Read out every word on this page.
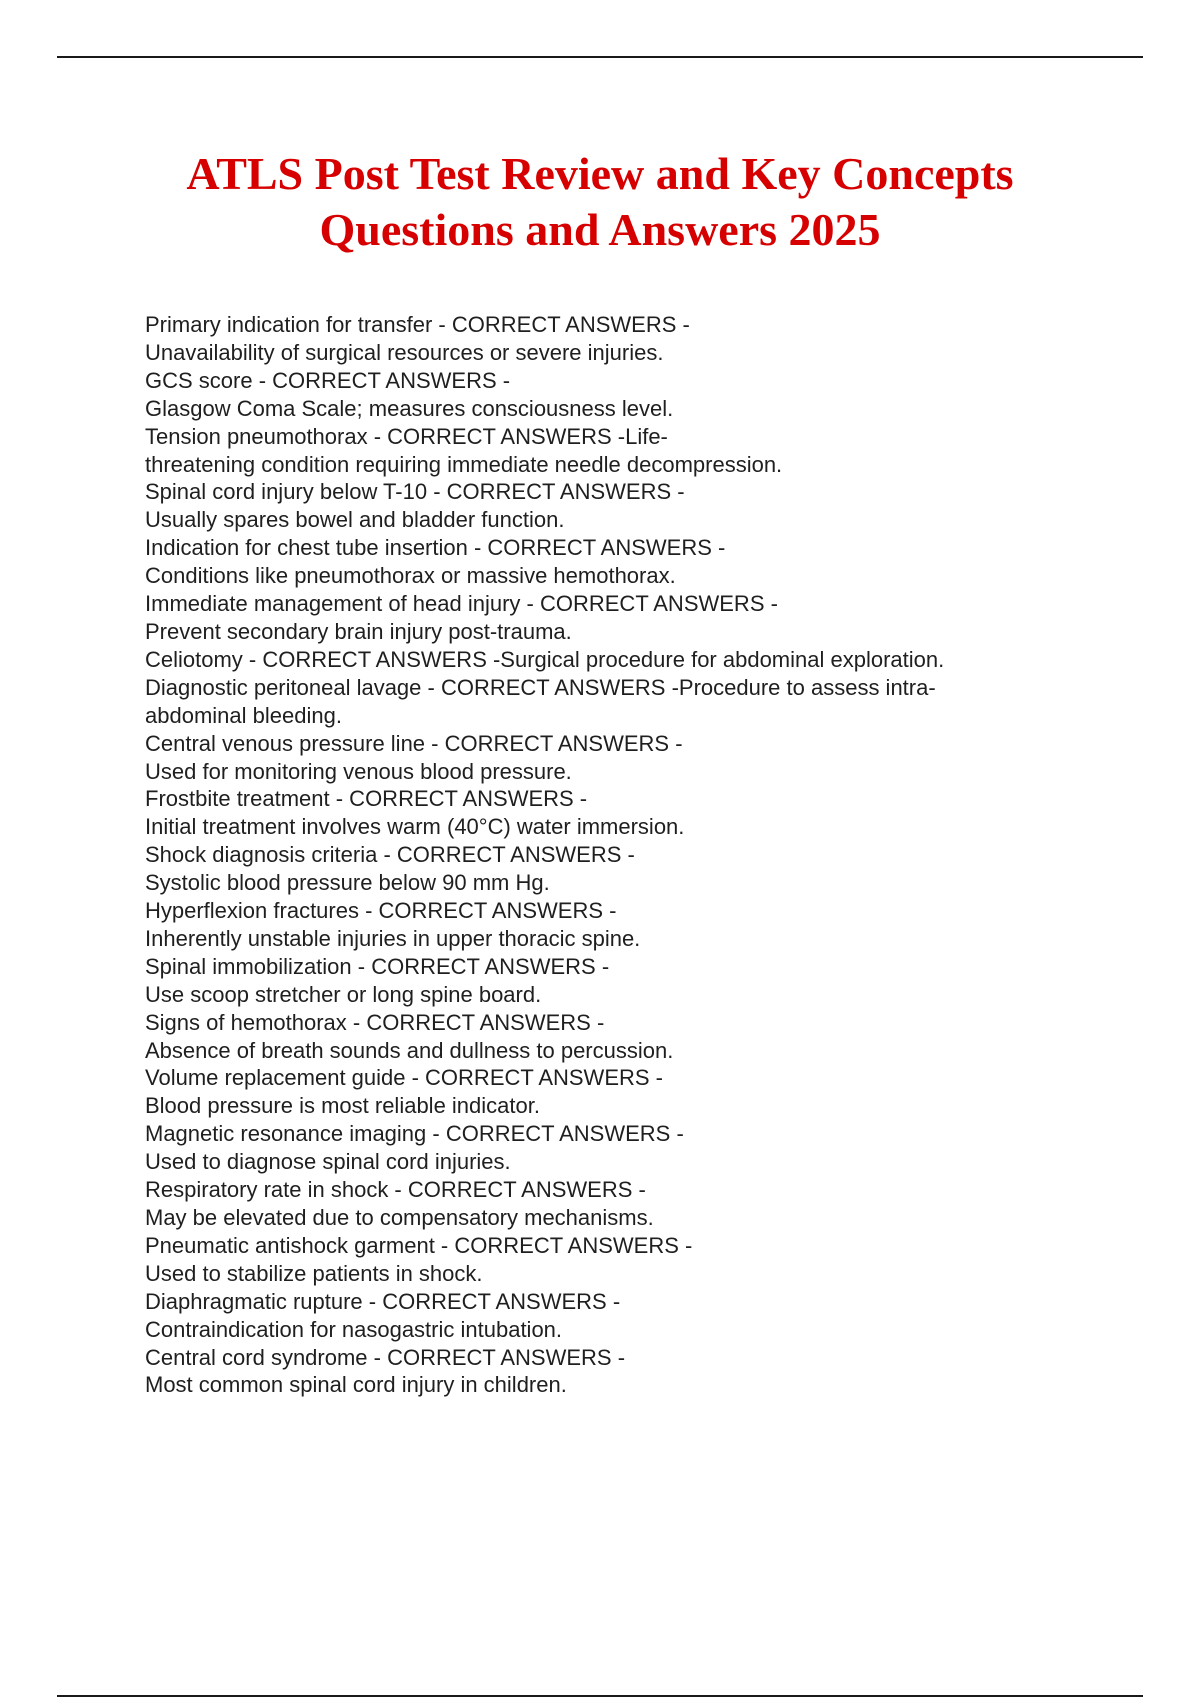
ATLS Post Test Review and Key Concepts
Questions and Answers 2025
Primary indication for transfer - CORRECT ANSWERS -
Unavailability of surgical resources or severe injuries.
GCS score - CORRECT ANSWERS -
Glasgow Coma Scale; measures consciousness level.
Tension pneumothorax - CORRECT ANSWERS -Life-
threatening condition requiring immediate needle decompression.
Spinal cord injury below T-10 - CORRECT ANSWERS -
Usually spares bowel and bladder function.
Indication for chest tube insertion - CORRECT ANSWERS -
Conditions like pneumothorax or massive hemothorax.
Immediate management of head injury - CORRECT ANSWERS -
Prevent secondary brain injury post-trauma.
Celiotomy - CORRECT ANSWERS -Surgical procedure for abdominal exploration.
Diagnostic peritoneal lavage - CORRECT ANSWERS -Procedure to assess intra-
abdominal bleeding.
Central venous pressure line - CORRECT ANSWERS -
Used for monitoring venous blood pressure.
Frostbite treatment - CORRECT ANSWERS -
Initial treatment involves warm (40°C) water immersion.
Shock diagnosis criteria - CORRECT ANSWERS -
Systolic blood pressure below 90 mm Hg.
Hyperflexion fractures - CORRECT ANSWERS -
Inherently unstable injuries in upper thoracic spine.
Spinal immobilization - CORRECT ANSWERS -
Use scoop stretcher or long spine board.
Signs of hemothorax - CORRECT ANSWERS -
Absence of breath sounds and dullness to percussion.
Volume replacement guide - CORRECT ANSWERS -
Blood pressure is most reliable indicator.
Magnetic resonance imaging - CORRECT ANSWERS -
Used to diagnose spinal cord injuries.
Respiratory rate in shock - CORRECT ANSWERS -
May be elevated due to compensatory mechanisms.
Pneumatic antishock garment - CORRECT ANSWERS -
Used to stabilize patients in shock.
Diaphragmatic rupture - CORRECT ANSWERS -
Contraindication for nasogastric intubation.
Central cord syndrome - CORRECT ANSWERS -
Most common spinal cord injury in children.
